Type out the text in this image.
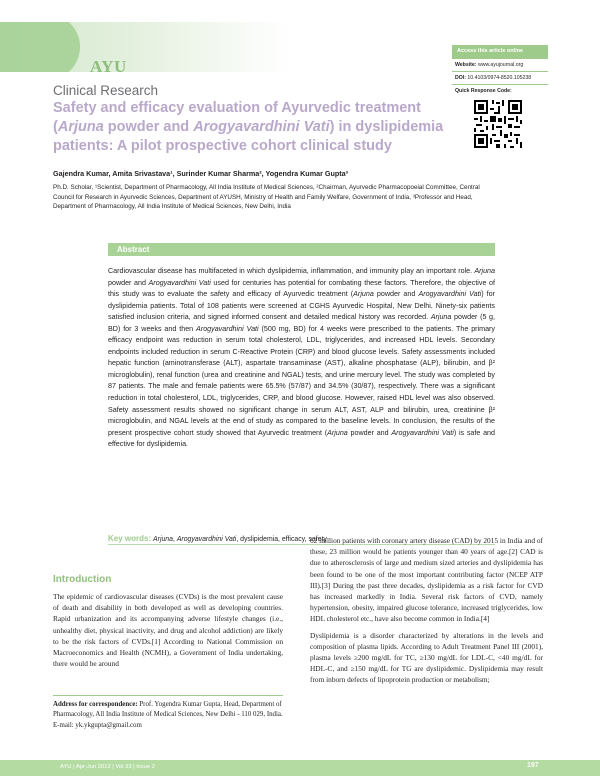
AYU
Clinical Research
Safety and efficacy evaluation of Ayurvedic treatment (Arjuna powder and Arogyavardhini Vati) in dyslipidemia patients: A pilot prospective cohort clinical study
Access this article online
Website: www.ayujournal.org
DOI: 10.4103/0974-8520.105238
Quick Response Code:
Gajendra Kumar, Amita Srivastava¹, Surinder Kumar Sharma², Yogendra Kumar Gupta³
Ph.D. Scholar, ¹Scientist, Department of Pharmacology, All India Institute of Medical Sciences, ²Chairman, Ayurvedic Pharmacopoeial Committee, Central Council for Research in Ayurvedic Sciences, Department of AYUSH, Ministry of Health and Family Welfare, Government of India, ³Professor and Head, Department of Pharmacology, All India Institute of Medical Sciences, New Delhi, India
Abstract
Cardiovascular disease has multifaceted in which dyslipidemia, inflammation, and immunity play an important role. Arjuna powder and Arogyavardhini Vati used for centuries has potential for combating these factors. Therefore, the objective of this study was to evaluate the safety and efficacy of Ayurvedic treatment (Arjuna powder and Arogyavardhini Vati) for dyslipidemia patients. Total of 108 patients were screened at CGHS Ayurvedic Hospital, New Delhi. Ninety-six patients satisfied inclusion criteria, and signed informed consent and detailed medical history was recorded. Arjuna powder (5 g, BD) for 3 weeks and then Arogyavardhini Vati (500 mg, BD) for 4 weeks were prescribed to the patients. The primary efficacy endpoint was reduction in serum total cholesterol, LDL, triglycerides, and increased HDL levels. Secondary endpoints included reduction in serum C-Reactive Protein (CRP) and blood glucose levels. Safety assessments included hepatic function (aminotransferase (ALT), aspartate transaminase (AST), alkaline phosphatase (ALP), bilirubin, and β² microglobulin), renal function (urea and creatinine and NGAL) tests, and urine mercury level. The study was completed by 87 patients. The male and female patients were 65.5% (57/87) and 34.5% (30/87), respectively. There was a significant reduction in total cholesterol, LDL, triglycerides, CRP, and blood glucose. However, raised HDL level was also observed. Safety assessment results showed no significant change in serum ALT, AST, ALP and bilirubin, urea, creatinine β² microglobulin, and NGAL levels at the end of study as compared to the baseline levels. In conclusion, the results of the present prospective cohort study showed that Ayurvedic treatment (Arjuna powder and Arogyavardhini Vati) is safe and effective for dyslipidemia.
Key words: Arjuna, Arogyavardhini Vati, dyslipidemia, efficacy, safety
Introduction

The epidemic of cardiovascular diseases (CVDs) is the most prevalent cause of death and disability in both developed as well as developing countries. Rapid urbanization and its accompanying adverse lifestyle changes (i.e., unhealthy diet, physical inactivity, and drug and alcohol addiction) are likely to be the risk factors of CVDs.[1] According to National Commission on Macroeconomics and Health (NCMH), a Government of India undertaking, there would be around

62 million patients with coronary artery disease (CAD) by 2015 in India and of these, 23 million would be patients younger than 40 years of age.[2] CAD is due to atherosclerosis of large and medium sized arteries and dyslipidemia has been found to be one of the most important contributing factor (NCEP ATP III).[3] During the past three decades, dyslipidemia as a risk factor for CVD has increased markedly in India. Several risk factors of CVD, namely hypertension, obesity, impaired glucose tolerance, increased triglycerides, low HDL cholesterol etc., have also become common in India.[4]

Dyslipidemia is a disorder characterized by alterations in the levels and composition of plasma lipids. According to Adult Treatment Panel III (2001), plasma levels ≥200 mg/dL for TC, ≥130 mg/dL for LDL-C, <40 mg/dL for HDL-C, and ≥150 mg/dL for TG are dyslipidemic. Dyslipidemia may result from inborn defects of lipoprotein production or metabolism;

Address for correspondence: Prof. Yogendra Kumar Gupta, Head, Department of Pharmacology, All India Institute of Medical Sciences, New Delhi - 110 029, India.
E-mail: yk.ykgupta@gmail.com
AYU | Apr-Jun 2012 | Vol 33 | Issue 2	197
